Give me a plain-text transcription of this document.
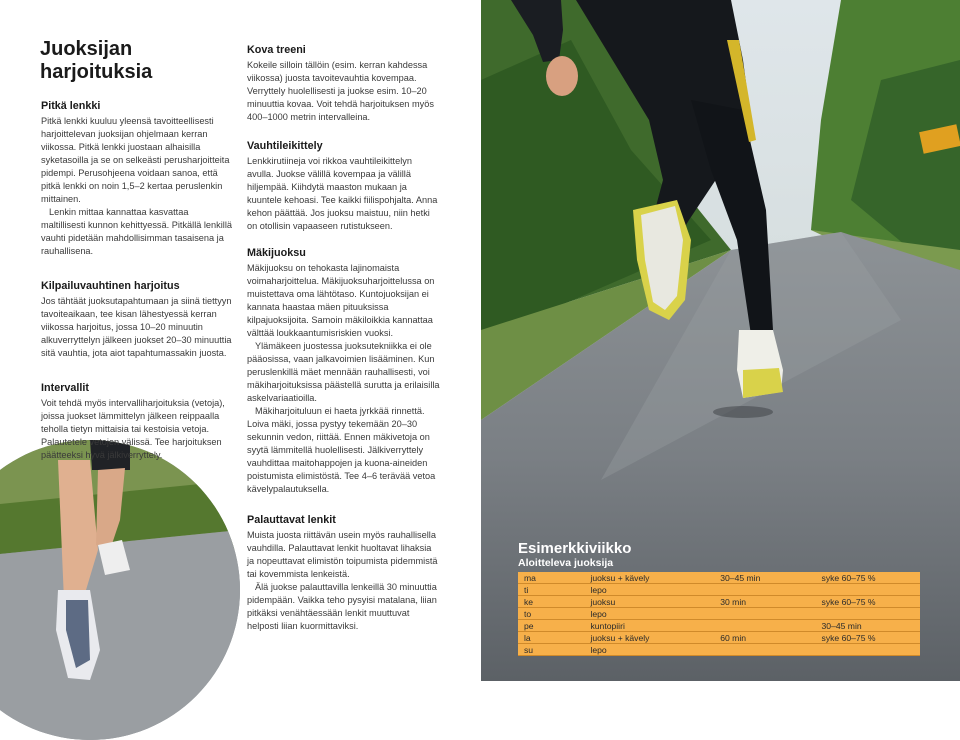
Juoksijan
harjoituksia
Pitkä lenkki

Pitkä lenkki kuuluu yleensä tavoitteellisesti harjoittelevan juoksijan ohjelmaan kerran viikossa. Pitkä lenkki juostaan alhaisilla syketasoilla ja se on selkeästi perusharjoitteita pidempi. Perusohjeena voidaan sanoa, että pitkä lenkki on noin 1,5–2 kertaa peruslenkin mittainen.

Lenkin mittaa kannattaa kasvattaa maltillisesti kunnon kehittyessä. Pitkällä lenkillä vauhti pidetään mahdollisimman tasaisena ja rauhallisena.

Kilpailuvauhtinen harjoitus

Jos tähtäät juoksutapahtumaan ja siinä tiettyyn tavoiteaikaan, tee kisan lähestyessä kerran viikossa harjoitus, jossa 10–20 minuutin alkuverryttelyn jälkeen juokset 20–30 minuuttia sitä vauhtia, jota aiot tapahtumassakin juosta.

Intervallit

Voit tehdä myös intervalliharjoituksia (vetoja), joissa juokset lämmittelyn jälkeen reippaalla teholla tietyn mittaisia tai kestoisia vetoja. Palautetele vetojen välissä. Tee harjoituksen päätteeksi hyvä jälkiverryttely.

Kova treeni

Kokeile silloin tällöin (esim. kerran kahdessa viikossa) juosta tavoitevauhtia kovempaa. Verryttely huolellisesti ja juokse esim. 10–20 minuuttia kovaa. Voit tehdä harjoituksen myös 400–1000 metrin intervalleina.

Vauhtileikittely

Lenkkirutiineja voi rikkoa vauhtileikittelyn avulla. Juokse välillä kovempaa ja välillä hiljempää. Kiihdytä maaston mukaan ja kuuntele kehoasi. Tee kaikki fiilispohjalta. Anna kehon päättää. Jos juoksu maistuu, niin hetki on otollisin vapaaseen rutistukseen.

Mäkijuoksu

Mäkijuoksu on tehokasta lajinomaista voimaharjoittelua. Mäkijuoksuharjoittelussa on muistettava oma lähtötaso. Kuntojuoksijan ei kannata haastaa mäen pituuksissa kilpajuoksijoita. Samoin mäkiloikkia kannattaa välttää loukkaantumisriskien vuoksi.

Ylämäkeen juostessa juoksutekniikka ei ole pääosissa, vaan jalkavoimien lisääminen. Kun peruslenkillä mäet mennään rauhallisesti, voi mäkiharjoituksissa päästellä surutta ja erilaisilla askelvariaatioilla.

Mäkiharjoituluun ei haeta jyrkkää rinnettä. Loiva mäki, jossa pystyy tekemään 20–30 sekunnin vedon, riittää. Ennen mäkivetoja on syytä lämmitellä huolellisesti. Jälkiverryttely vauhdittaa maitohappojen ja kuona-aineiden poistumista elimistöstä. Tee 4–6 terävää vetoa kävelypalautuksella.

Palauttavat lenkit

Muista juosta riittävän usein myös rauhallisella vauhdilla. Palauttavat lenkit huoltavat lihaksia ja nopeuttavat elimistön toipumista pidemmistä tai kovemmista lenkeistä.

Älä juokse palauttavilla lenkeillä 30 minuuttia pidempään. Vaikka teho pysyisi matalana, liian pitkäksi venähtäessään lenkit muuttuvat helposti liian kuormittaviksi.

Esimerkkiviikko
Aloitteleva juoksija
ma	juoksu + kävely	30–45 min	syke 60–75 %
ti	lepo		
ke	juoksu	30 min	syke 60–75 %
to	lepo		
pe	kuntopiiri		30–45 min
la	juoksu + kävely	60 min	syke 60–75 %
su	lepo		
